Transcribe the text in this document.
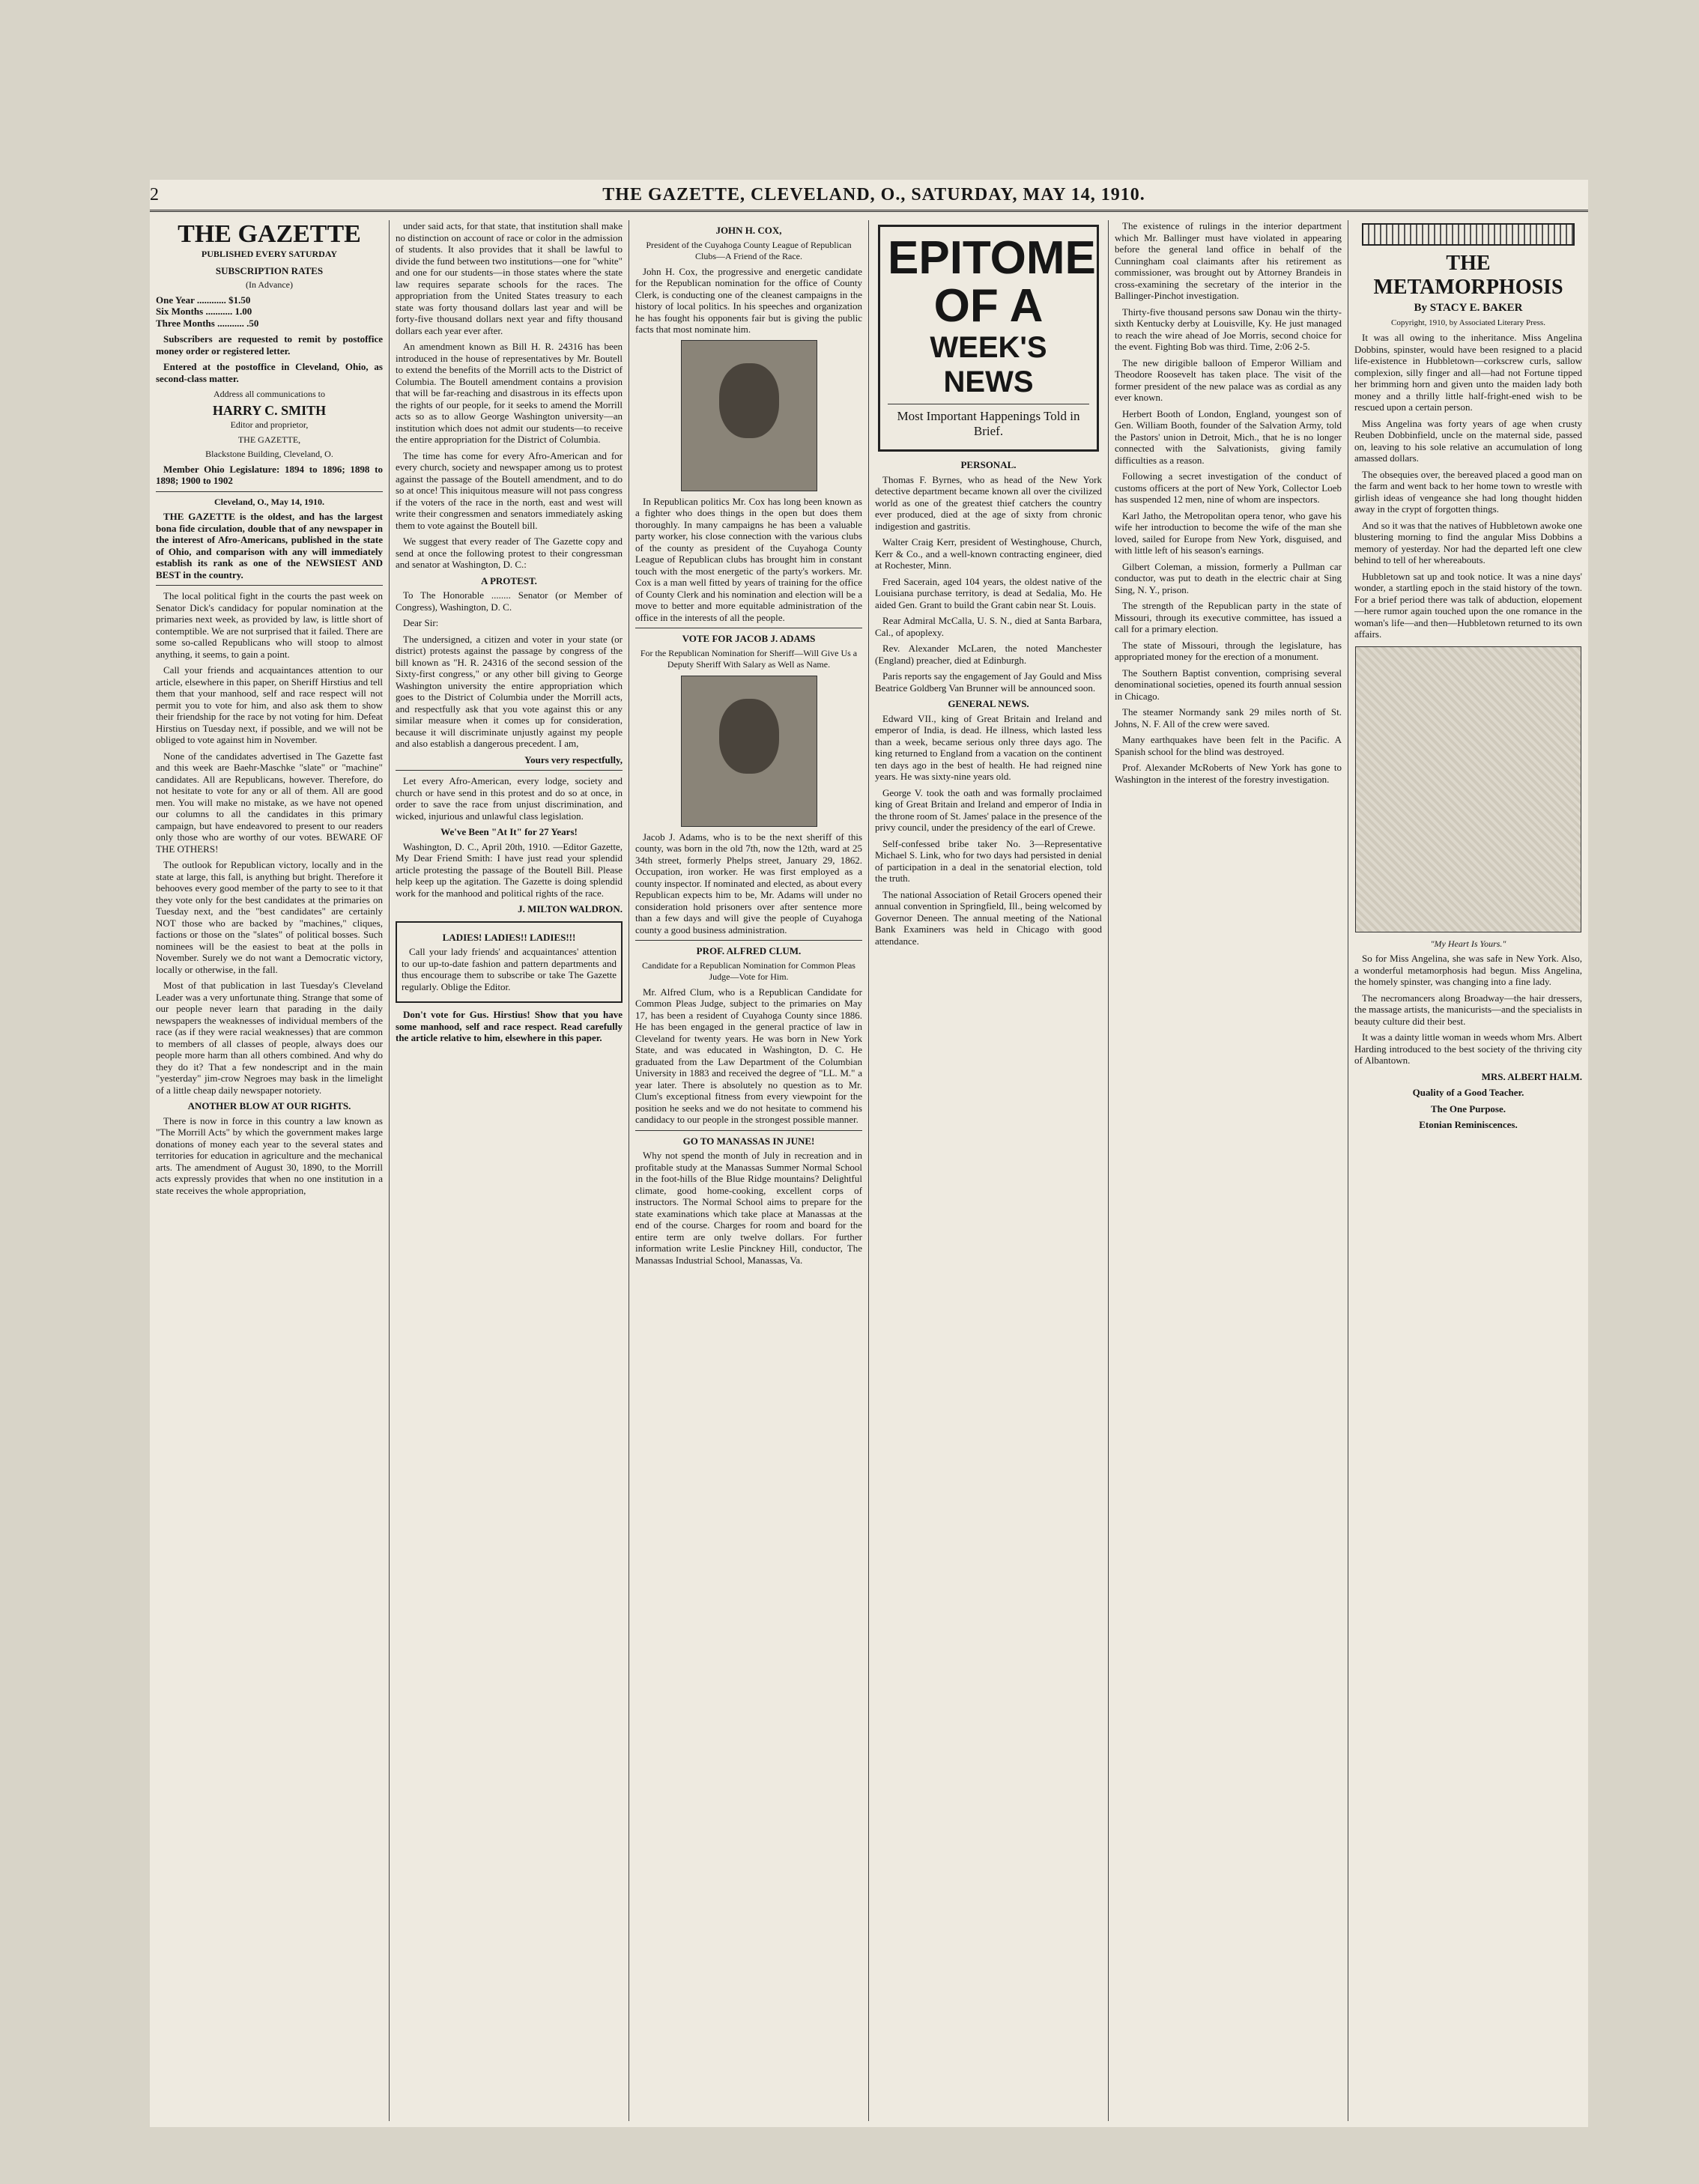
2	THE GAZETTE, CLEVELAND, O., SATURDAY, MAY 14, 1910.
THE GAZETTE
PUBLISHED EVERY SATURDAY
SUBSCRIPTION RATES
(In Advance)
One Year ............ $1.50
Six Months ........... 1.00
Three Months ........... .50

Subscribers are requested to remit by postoffice money order or registered letter.

Entered at the postoffice in Cleveland, Ohio, as second-class matter.

Address all communications to
HARRY C. SMITH
Editor and proprietor,
THE GAZETTE,
Blackstone Building, Cleveland, O.

Member Ohio Legislature: 1894 to 1896; 1898 to 1898; 1900 to 1902

Cleveland, O., May 14, 1910.

THE GAZETTE is the oldest, and has the largest bona fide circulation, double that of any newspaper in the interest of Afro-Americans, published in the state of Ohio, and comparison with any will immediately establish its rank as one of the NEWSIEST AND BEST in the country.

The local political fight in the courts the past week on Senator Dick's candidacy for popular nomination at the primaries next week, as provided by law, is little short of contemptible. We are not surprised that it failed. There are some so-called Republicans who will stoop to almost anything, it seems, to gain a point.

Call your friends and acquaintances attention to our article, elsewhere in this paper, on Sheriff Hirstius and tell them that your manhood, self and race respect will not permit you to vote for him, and also ask them to show their friendship for the race by not voting for him. Defeat Hirstius on Tuesday next, if possible, and we will not be obliged to vote against him in November.

None of the candidates advertised in The Gazette fast and this week are Baehr-Maschke "slate" or "machine" candidates. All are Republicans, however. Therefore, do not hesitate to vote for any or all of them. All are good men. You will make no mistake, as we have not opened our columns to all the candidates in this primary campaign, but have endeavored to present to our readers only those who are worthy of our votes. BEWARE OF THE OTHERS!

The outlook for Republican victory, locally and in the state at large, this fall, is anything but bright. Therefore it behooves every good member of the party to see to it that they vote only for the best candidates at the primaries on Tuesday next, and the "best candidates" are certainly NOT those who are backed by "machines," cliques, factions or those on the "slates" of political bosses. Such nominees will be the easiest to beat at the polls in November. Surely we do not want a Democratic victory, locally or otherwise, in the fall.

Most of that publication in last Tuesday's Cleveland Leader was a very unfortunate thing. Strange that some of our people never learn that parading in the daily newspapers the weaknesses of individual members of the race (as if they were racial weaknesses) that are common to members of all classes of people, always does our people more harm than all others combined. And why do they do it? That a few nondescript and in the main "yesterday" jim-crow Negroes may bask in the limelight of a little cheap daily newspaper notoriety.

ANOTHER BLOW AT OUR RIGHTS.

There is now in force in this country a law known as "The Morrill Acts" by which the government makes large donations of money each year to the several states and territories for education in agriculture and the mechanical arts. The amendment of August 30, 1890, to the Morrill acts expressly provides that when no one institution in a state receives the whole appropriation,

under said acts, for that state, that institution shall make no distinction on account of race or color in the admission of students. It also provides that it shall be lawful to divide the fund between two institutions—one for "white" and one for our students—in those states where the state law requires separate schools for the races. The appropriation from the United States treasury to each state was forty thousand dollars last year and will be forty-five thousand dollars next year and fifty thousand dollars each year ever after.

An amendment known as Bill H. R. 24316 has been introduced in the house of representatives by Mr. Boutell to extend the benefits of the Morrill acts to the District of Columbia. The Boutell amendment contains a provision that will be far-reaching and disastrous in its effects upon the rights of our people, for it seeks to amend the Morrill acts so as to allow George Washington university—an institution which does not admit our students—to receive the entire appropriation for the District of Columbia.

The time has come for every Afro-American and for every church, society and newspaper among us to protest against the passage of the Boutell amendment, and to do so at once! This iniquitous measure will not pass congress if the voters of the race in the north, east and west will write their congressmen and senators immediately asking them to vote against the Boutell bill.

We suggest that every reader of The Gazette copy and send at once the following protest to their congressman and senator at Washington, D. C.:

A PROTEST.

To The Honorable ........ Senator (or Member of Congress), Washington, D. C.

Dear Sir:

The undersigned, a citizen and voter in your state (or district) protests against the passage by congress of the bill known as "H. R. 24316 of the second session of the Sixty-first congress," or any other bill giving to George Washington university the entire appropriation which goes to the District of Columbia under the Morrill acts, and respectfully ask that you vote against this or any similar measure when it comes up for consideration, because it will discriminate unjustly against my people and also establish a dangerous precedent. I am,

Yours very respectfully,

Let every Afro-American, every lodge, society and church or have send in this protest and do so at once, in order to save the race from unjust discrimination, and wicked, injurious and unlawful class legislation.

We've Been "At It" for 27 Years!

Washington, D. C., April 20th, 1910. —Editor Gazette, My Dear Friend Smith: I have just read your splendid article protesting the passage of the Boutell Bill. Please help keep up the agitation. The Gazette is doing splendid work for the manhood and political rights of the race.

J. MILTON WALDRON.

LADIES! LADIES!! LADIES!!!

Call your lady friends' and acquaintances' attention to our up-to-date fashion and pattern departments and thus encourage them to subscribe or take The Gazette regularly. Oblige the Editor.

Don't vote for Gus. Hirstius! Show that you have some manhood, self and race respect. Read carefully the article relative to him, elsewhere in this paper.

JOHN H. COX,
President of the Cuyahoga County League of Republican Clubs—A Friend of the Race.

John H. Cox, the progressive and energetic candidate for the Republican nomination for the office of County Clerk, is conducting one of the cleanest campaigns in the history of local politics. In his speeches and organization he has fought his opponents fair but is giving the public facts that most nominate him.

In Republican politics Mr. Cox has long been known as a fighter who does things in the open but does them thoroughly. In many campaigns he has been a valuable party worker, his close connection with the various clubs of the county as president of the Cuyahoga County League of Republican clubs has brought him in constant touch with the most energetic of the party's workers. Mr. Cox is a man well fitted by years of training for the office of County Clerk and his nomination and election will be a move to better and more equitable administration of the office in the interests of all the people.

VOTE FOR JACOB J. ADAMS
For the Republican Nomination for Sheriff—Will Give Us a Deputy Sheriff With Salary as Well as Name.

Jacob J. Adams, who is to be the next sheriff of this county, was born in the old 7th, now the 12th, ward at 25 34th street, formerly Phelps street, January 29, 1862. Occupation, iron worker. He was first employed as a county inspector. If nominated and elected, as about every Republican expects him to be, Mr. Adams will under no consideration hold prisoners over after sentence more than a few days and will give the people of Cuyahoga county a good business administration.

PROF. ALFRED CLUM.
Candidate for a Republican Nomination for Common Pleas Judge—Vote for Him.

Mr. Alfred Clum, who is a Republican Candidate for Common Pleas Judge, subject to the primaries on May 17, has been a resident of Cuyahoga County since 1886. He has been engaged in the general practice of law in Cleveland for twenty years. He was born in New York State, and was educated in Washington, D. C. He graduated from the Law Department of the Columbian University in 1883 and received the degree of "LL. M." a year later. There is absolutely no question as to Mr. Clum's exceptional fitness from every viewpoint for the position he seeks and we do not hesitate to commend his candidacy to our people in the strongest possible manner.

GO TO MANASSAS IN JUNE!

Why not spend the month of July in recreation and in profitable study at the Manassas Summer Normal School in the foot-hills of the Blue Ridge mountains? Delightful climate, good home-cooking, excellent corps of instructors. The Normal School aims to prepare for the state examinations which take place at Manassas at the end of the course. Charges for room and board for the entire term are only twelve dollars. For further information write Leslie Pinckney Hill, conductor, The Manassas Industrial School, Manassas, Va.

EPITOME
OF A
WEEK'S NEWS
Most Important Happenings Told in Brief.
PERSONAL.

Thomas F. Byrnes, who as head of the New York detective department became known all over the civilized world as one of the greatest thief catchers the country ever produced, died at the age of sixty from chronic indigestion and gastritis.

Walter Craig Kerr, president of Westinghouse, Church, Kerr & Co., and a well-known contracting engineer, died at Rochester, Minn.

Fred Sacerain, aged 104 years, the oldest native of the Louisiana purchase territory, is dead at Sedalia, Mo. He aided Gen. Grant to build the Grant cabin near St. Louis.

Rear Admiral McCalla, U. S. N., died at Santa Barbara, Cal., of apoplexy.

Rev. Alexander McLaren, the noted Manchester (England) preacher, died at Edinburgh.

Paris reports say the engagement of Jay Gould and Miss Beatrice Goldberg Van Brunner will be announced soon.

GENERAL NEWS.

Edward VII., king of Great Britain and Ireland and emperor of India, is dead. He illness, which lasted less than a week, became serious only three days ago. The king returned to England from a vacation on the continent ten days ago in the best of health. He had reigned nine years. He was sixty-nine years old.

George V. took the oath and was formally proclaimed king of Great Britain and Ireland and emperor of India in the throne room of St. James' palace in the presence of the privy council, under the presidency of the earl of Crewe.

Self-confessed bribe taker No. 3—Representative Michael S. Link, who for two days had persisted in denial of participation in a deal in the senatorial election, told the truth.

The national Association of Retail Grocers opened their annual convention in Springfield, Ill., being welcomed by Governor Deneen. The annual meeting of the National Bank Examiners was held in Chicago with good attendance.

The existence of rulings in the interior department which Mr. Ballinger must have violated in appearing before the general land office in behalf of the Cunningham coal claimants after his retirement as commissioner, was brought out by Attorney Brandeis in cross-examining the secretary of the interior in the Ballinger-Pinchot investigation.

Thirty-five thousand persons saw Donau win the thirty-sixth Kentucky derby at Louisville, Ky. He just managed to reach the wire ahead of Joe Morris, second choice for the event. Fighting Bob was third. Time, 2:06 2-5.

The new dirigible balloon of Emperor William and Theodore Roosevelt has taken place. The visit of the former president of the new palace was as cordial as any ever known.

Herbert Booth of London, England, youngest son of Gen. William Booth, founder of the Salvation Army, told the Pastors' union in Detroit, Mich., that he is no longer connected with the Salvationists, giving family difficulties as a reason.

Following a secret investigation of the conduct of customs officers at the port of New York, Collector Loeb has suspended 12 men, nine of whom are inspectors.

Karl Jatho, the Metropolitan opera tenor, who gave his wife her introduction to become the wife of the man she loved, sailed for Europe from New York, disguised, and with little left of his season's earnings.

Gilbert Coleman, a mission, formerly a Pullman car conductor, was put to death in the electric chair at Sing Sing, N. Y., prison.

The strength of the Republican party in the state of Missouri, through its executive committee, has issued a call for a primary election.

The state of Missouri, through the legislature, has appropriated money for the erection of a monument.

The Southern Baptist convention, comprising several denominational societies, opened its fourth annual session in Chicago.

The steamer Normandy sank 29 miles north of St. Johns, N. F. All of the crew were saved.

Many earthquakes have been felt in the Pacific. A Spanish school for the blind was destroyed.

Prof. Alexander McRoberts of New York has gone to Washington in the interest of the forestry investigation.

THE METAMORPHOSIS
By STACY E. BAKER
Copyright, 1910, by Associated Literary Press.

It was all owing to the inheritance. Miss Angelina Dobbins, spinster, would have been resigned to a placid life-existence in Hubbletown—corkscrew curls, sallow complexion, silly finger and all—had not Fortune tipped her brimming horn and given unto the maiden lady both money and a thrilly little half-fright-ened wish to be rescued upon a certain person.

Miss Angelina was forty years of age when crusty Reuben Dobbinfield, uncle on the maternal side, passed on, leaving to his sole relative an accumulation of long amassed dollars.

The obsequies over, the bereaved placed a good man on the farm and went back to her home town to wrestle with girlish ideas of vengeance she had long thought hidden away in the crypt of forgotten things.

And so it was that the natives of Hubbletown awoke one blustering morning to find the angular Miss Dobbins a memory of yesterday. Nor had the departed left one clew behind to tell of her whereabouts.

Hubbletown sat up and took notice. It was a nine days' wonder, a startling epoch in the staid history of the town. For a brief period there was talk of abduction, elopement—here rumor again touched upon the one romance in the woman's life—and then—Hubbletown returned to its own affairs.

"My Heart Is Yours."

So for Miss Angelina, she was safe in New York. Also, a wonderful metamorphosis had begun. Miss Angelina, the homely spinster, was changing into a fine lady.

The necromancers along Broadway—the hair dressers, the massage artists, the manicurists—and the specialists in beauty culture did their best.

It was a dainty little woman in weeds whom Mrs. Albert Harding introduced to the best society of the thriving city of Albantown.

MRS. ALBERT HALM.

Quality of a Good Teacher.
The One Purpose.
Etonian Reminiscences.
